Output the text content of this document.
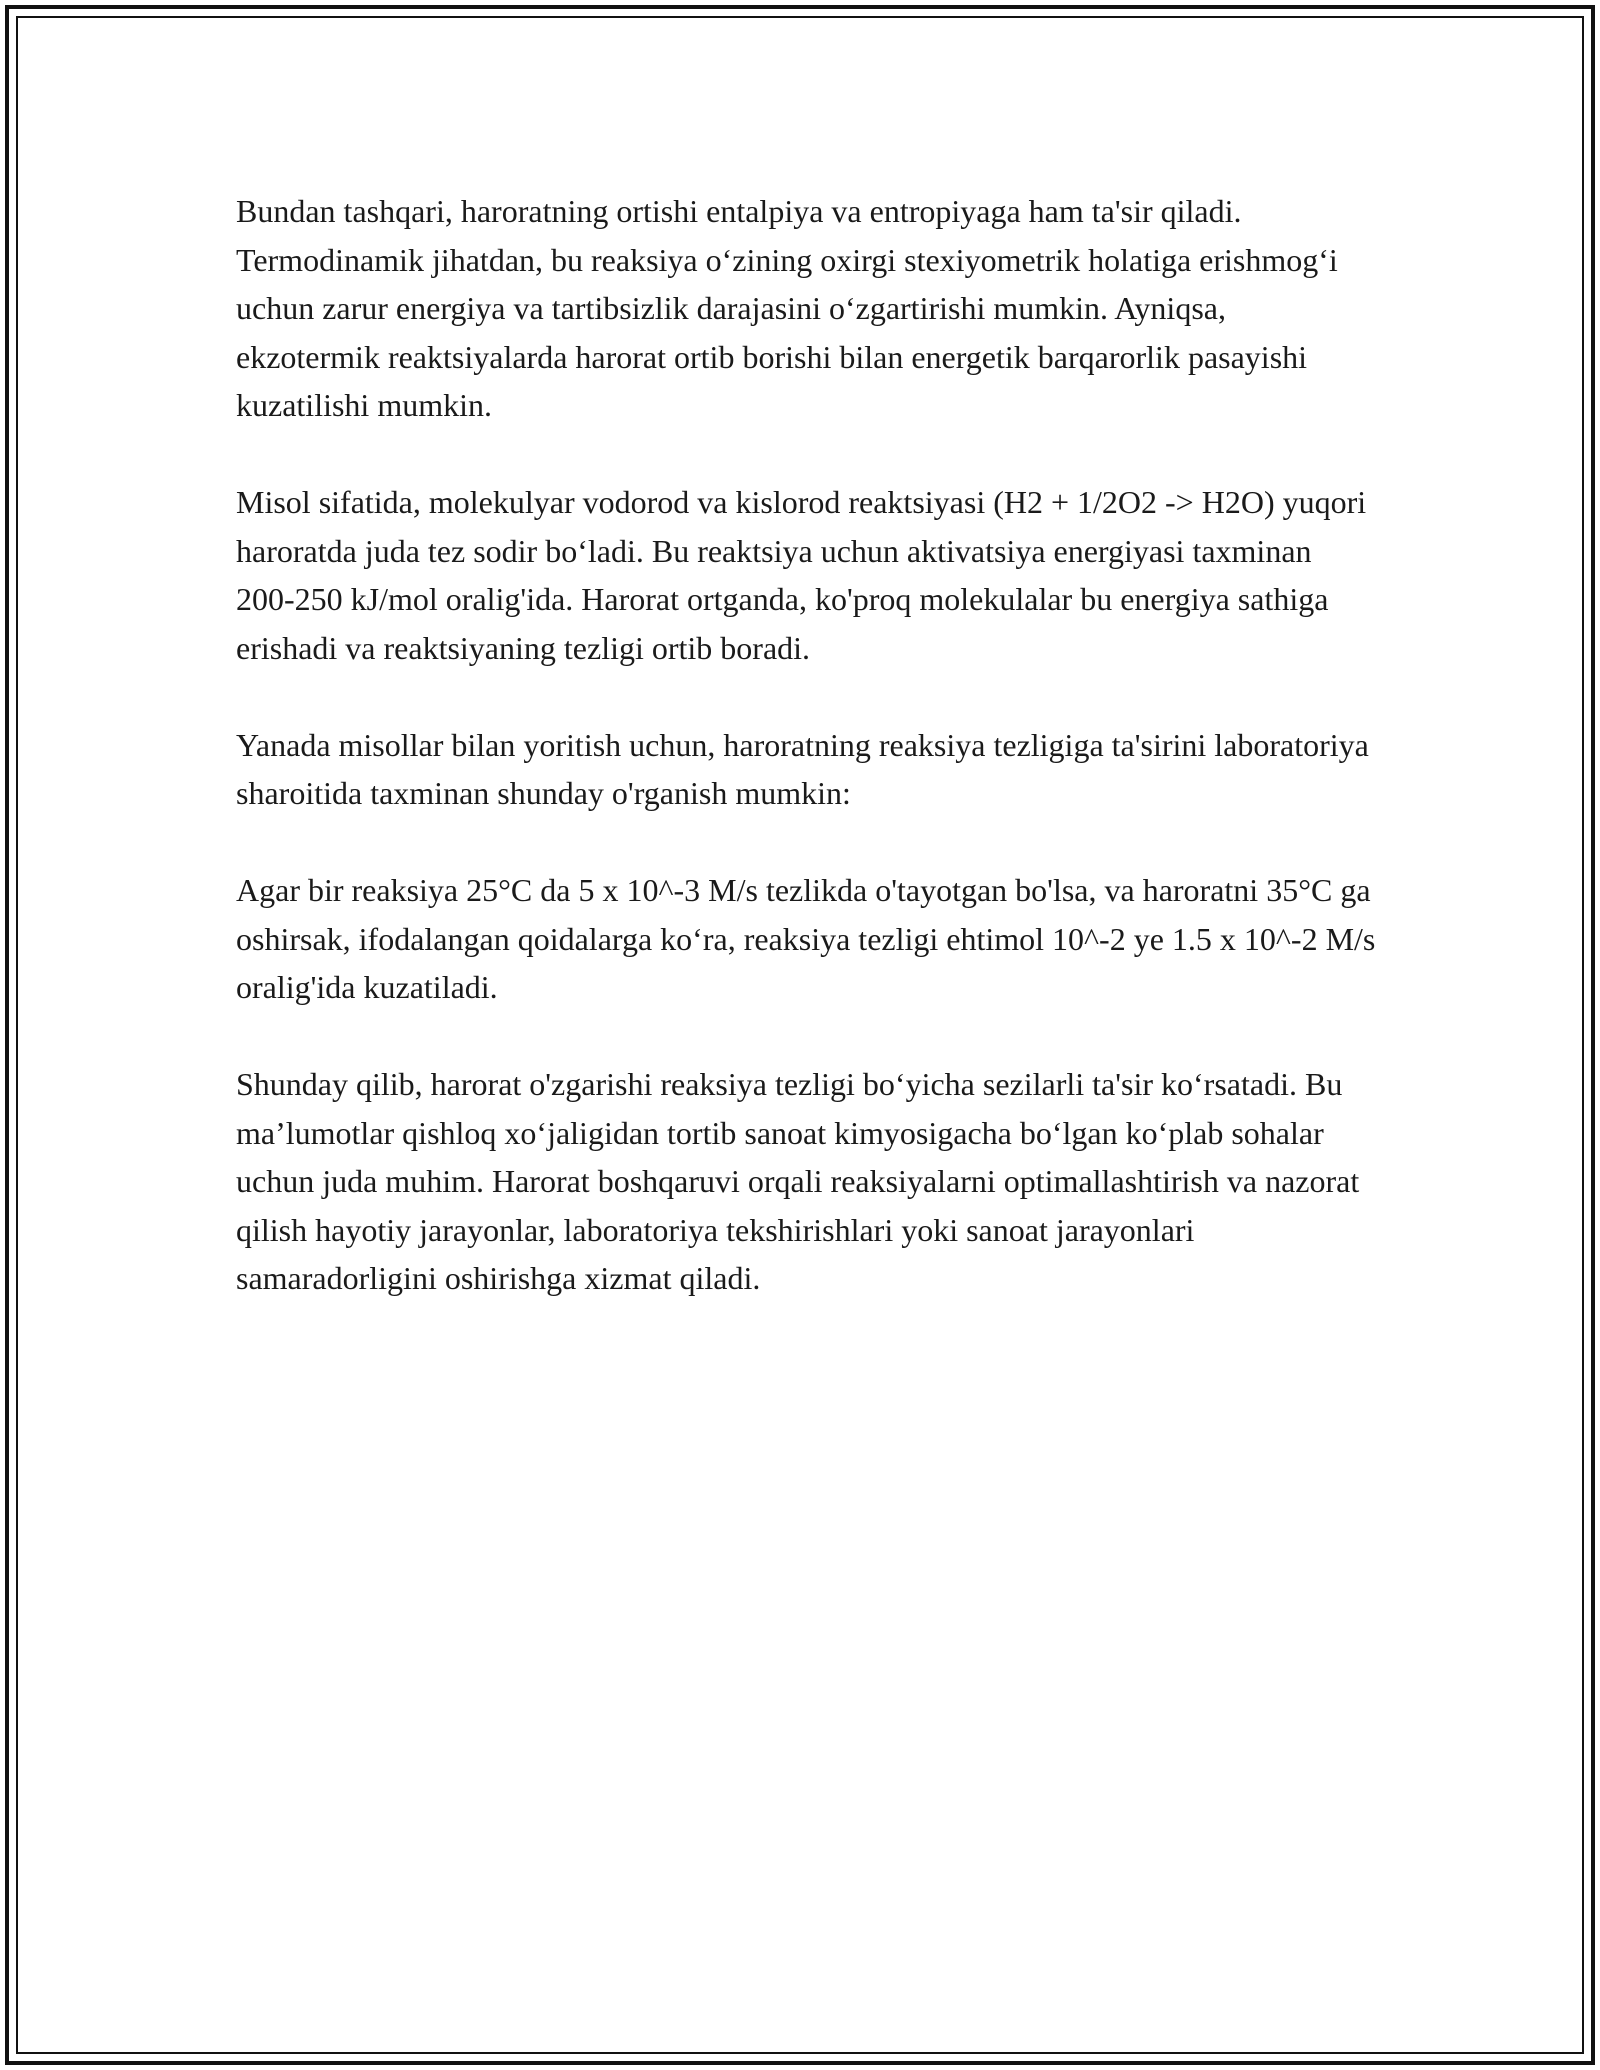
Bundan tashqari, haroratning ortishi entalpiya va entropiyaga ham ta'sir qiladi. Termodinamik jihatdan, bu reaksiya o‘zining oxirgi stexiyometrik holatiga erishmog‘i uchun zarur energiya va tartibsizlik darajasini o‘zgartirishi mumkin. Ayniqsa, ekzotermik reaktsiyalarda harorat ortib borishi bilan energetik barqarorlik pasayishi kuzatilishi mumkin.

Misol sifatida, molekulyar vodorod va kislorod reaktsiyasi (H2 + 1/2O2 -> H2O) yuqori haroratda juda tez sodir bo‘ladi. Bu reaktsiya uchun aktivatsiya energiyasi taxminan 200-250 kJ/mol oralig'ida. Harorat ortganda, ko'proq molekulalar bu energiya sathiga erishadi va reaktsiyaning tezligi ortib boradi.

Yanada misollar bilan yoritish uchun, haroratning reaksiya tezligiga ta'sirini laboratoriya sharoitida taxminan shunday o'rganish mumkin:

Agar bir reaksiya 25°C da 5 x 10^-3 M/s tezlikda o'tayotgan bo'lsa, va haroratni 35°C ga oshirsak, ifodalangan qoidalarga ko‘ra, reaksiya tezligi ehtimol 10^-2 ye 1.5 x 10^-2 M/s oralig'ida kuzatiladi.

Shunday qilib, harorat o'zgarishi reaksiya tezligi bo‘yicha sezilarli ta'sir ko‘rsatadi. Bu ma’lumotlar qishloq xo‘jaligidan tortib sanoat kimyosigacha bo‘lgan ko‘plab sohalar uchun juda muhim. Harorat boshqaruvi orqali reaksiyalarni optimallashtirish va nazorat qilish hayotiy jarayonlar, laboratoriya tekshirishlari yoki sanoat jarayonlari samaradorligini oshirishga xizmat qiladi.
